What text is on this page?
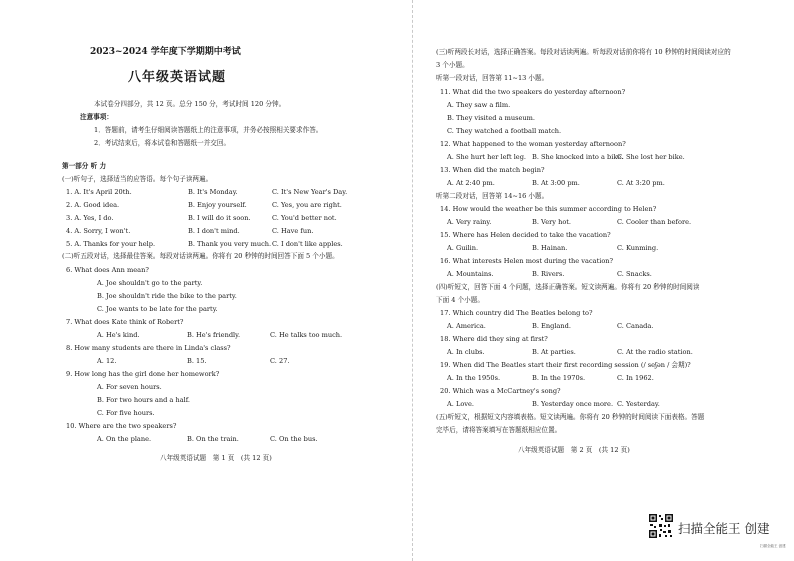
2023~2024 学年度下学期期中考试
八年级英语试题
本试卷分四部分，共 12 页。总分 150 分，考试时间 120 分钟。
注意事项：
1．答题前，请考生仔细阅读答题纸上的注意事项，并务必按照相关要求作答。
2．考试结束后，将本试卷和答题纸一并交回。
第一部分 听 力
(一)听句子，选择适当的应答语。每个句子读两遍。
1. A. It's April 20th.	B. It's Monday.	C. It's New Year's Day.
2. A. Good idea.	B. Enjoy yourself.	C. Yes, you are right.
3. A. Yes, I do.	B. I will do it soon.	C. You'd better not.
4. A. Sorry, I won't.	B. I don't mind.	C. Have fun.
5. A. Thanks for your help.	B. Thank you very much. C. I don't like apples.
(二)听五段对话，选择最佳答案。每段对话读两遍。你将有 20 秒钟的时间回答下面 5 个小题。
6. What does Ann mean?
A. Joe shouldn't go to the party.
B. Joe shouldn't ride the bike to the party.
C. Joe wants to be late for the party.
7. What does Kate think of Robert?
A. He's kind.	B. He's friendly.	C. He talks too much.
8. How many students are there in Linda's class?
A. 12.	B. 15.	C. 27.
9. How long has the girl done her homework?
A. For seven hours.
B. For two hours and a half.
C. For five hours.
10. Where are the two speakers?
A. On the plane.	B. On the train.	C. On the bus.
八年级英语试题　第 1 页　(共 12 页)
(三)听两段长对话，选择正确答案。每段对话读两遍。听每段对话前你将有 10 秒钟的时间阅读对应的
3 个小题。
听第一段对话，回答第 11~13 小题。
11. What did the two speakers do yesterday afternoon?
A. They saw a film.
B. They visited a museum.
C. They watched a football match.
12. What happened to the woman yesterday afternoon?
A. She hurt her left leg. B. She knocked into a bike.
C. She lost her bike.
13. When did the match begin?
A. At 2:40 pm.	B. At 3:00 pm.	C. At 3:20 pm.
听第二段对话，回答第 14~16 小题。
14. How would the weather be this summer according to Helen?
A. Very rainy.	B. Very hot.	C. Cooler than before.
15. Where has Helen decided to take the vacation?
A. Guilin.	B. Hainan.	C. Kunming.
16. What interests Helen most during the vacation?
A. Mountains.	B. Rivers.	C. Snacks.
(四)听短文，回答下面 4 个问题，选择正确答案。短文读两遍。你将有 20 秒钟的时间阅读
下面 4 个小题。
17. Which country did The Beatles belong to?
A. America.	B. England.	C. Canada.
18. Where did they sing at first?
A. In clubs.	B. At parties.	C. At the radio station.
19. When did The Beatles start their first recording session (/ seʃən / 会期)?
A. In the 1950s.	B. In the 1970s.	C. In 1962.
20. Which was a McCartney's song?
A. Love.	B. Yesterday once more. C. Yesterday.
(五)听短文，根据短文内容填表格。短文读两遍。你将有 20 秒钟的时间阅读下面表格。答题
完毕后，请将答案填写在答题纸相应位置。
八年级英语试题　第 2 页　(共 12 页)
扫描全能王 创建
扫描全能王 创建
